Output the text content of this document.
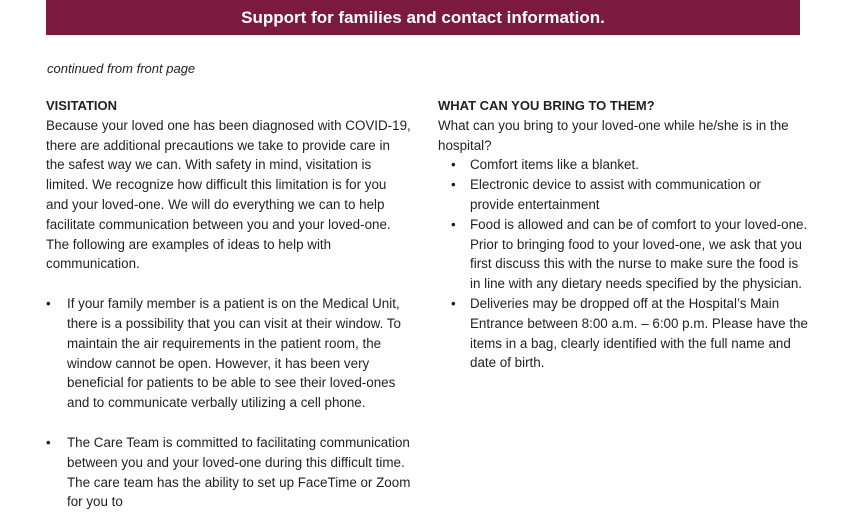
Support for families and contact information.
continued from front page
VISITATION

Because your loved one has been diagnosed with COVID-19, there are additional precautions we take to provide care in the safest way we can. With safety in mind, visitation is limited. We recognize how difficult this limitation is for you and your loved-one. We will do everything we can to help facilitate communication between you and your loved-one. The following are examples of ideas to help with communication.

• If your family member is a patient is on the Medical Unit, there is a possibility that you can visit at their window. To maintain the air requirements in the patient room, the window cannot be open. However, it has been very beneficial for patients to be able to see their loved-ones and to communicate verbally utilizing a cell phone.
• The Care Team is committed to facilitating communication between you and your loved-one during this difficult time. The care team has the ability to set up FaceTime or Zoom for you to
WHAT CAN YOU BRING TO THEM?

What can you bring to your loved-one while he/she is in the hospital?

• Comfort items like a blanket.
• Electronic device to assist with communication or provide entertainment
• Food is allowed and can be of comfort to your loved-one. Prior to bringing food to your loved-one, we ask that you first discuss this with the nurse to make sure the food is in line with any dietary needs specified by the physician.
• Deliveries may be dropped off at the Hospital’s Main Entrance between 8:00 a.m. – 6:00 p.m. Please have the items in a bag, clearly identified with the full name and date of birth.
